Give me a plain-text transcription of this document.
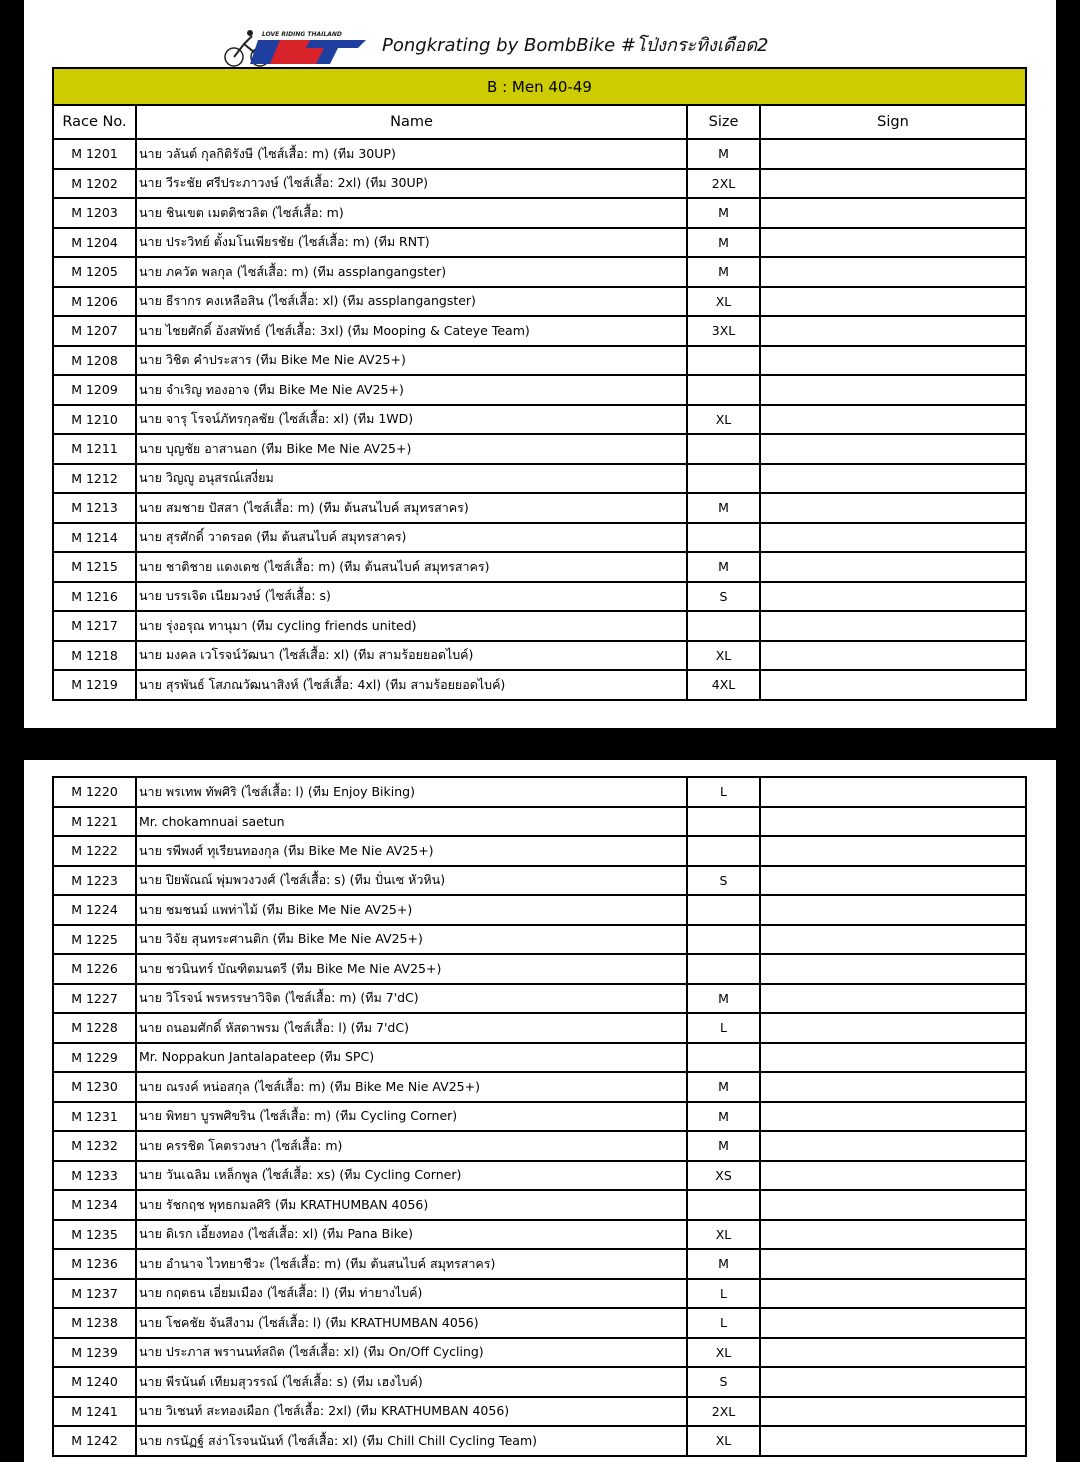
LOVE RIDING THAILAND
Pongkrating by BombBike #โป่งกระทิงเดือด2
B : Men 40-49			
Race No.	Name	Size	Sign
M 1201	นาย วลันต์ กุลกิติรังษี (ไซส์เสื้อ: m) (ทีม 30UP)	M	
M 1202	นาย วีระชัย ศรีประภาวงษ์ (ไซส์เสื้อ: 2xl) (ทีม 30UP)	2XL	
M 1203	นาย ชินเขต เมตติชวลิต (ไซส์เสื้อ: m)	M	
M 1204	นาย ประวิทย์ ตั้งมโนเพียรชัย (ไซส์เสื้อ: m) (ทีม RNT)	M	
M 1205	นาย ภควัต พลกุล (ไซส์เสื้อ: m) (ทีม assplangangster)	M	
M 1206	นาย ธีรากร คงเหลือสิน (ไซส์เสื้อ: xl) (ทีม assplangangster)	XL	
M 1207	นาย ไชยศักดิ์ อังสพัทธ์ (ไซส์เสื้อ: 3xl) (ทีม Mooping & Cateye Team)	3XL	
M 1208	นาย วิชิต คำประสาร (ทีม Bike Me Nie AV25+)		
M 1209	นาย จำเริญ ทองอาจ (ทีม Bike Me Nie AV25+)		
M 1210	นาย จารุ โรจน์ภัทรกุลชัย (ไซส์เสื้อ: xl) (ทีม 1WD)	XL	
M 1211	นาย บุญชัย อาสานอก (ทีม Bike Me Nie AV25+)		
M 1212	นาย วิญญู อนุสรณ์เสงี่ยม		
M 1213	นาย สมชาย ปัสสา (ไซส์เสื้อ: m) (ทีม ต้นสนไบค์ สมุทรสาคร)	M	
M 1214	นาย สุรศักดิ์ วาดรอด (ทีม ต้นสนไบค์ สมุทรสาคร)		
M 1215	นาย ชาติชาย แดงเดช (ไซส์เสื้อ: m) (ทีม ต้นสนไบค์ สมุทรสาคร)	M	
M 1216	นาย บรรเจิด เนียมวงษ์ (ไซส์เสื้อ: s)	S	
M 1217	นาย รุ่งอรุณ ทานุมา (ทีม cycling friends united)		
M 1218	นาย มงคล เวโรจน์วัฒนา (ไซส์เสื้อ: xl) (ทีม สามร้อยยอดไบค์)	XL	
M 1219	นาย สุรพันธ์ โสภณวัฒนาสิงห์ (ไซส์เสื้อ: 4xl) (ทีม สามร้อยยอดไบค์)	4XL	
M 1220	นาย พรเทพ ทัพศิริ (ไซส์เสื้อ: l) (ทีม Enjoy Biking)	L	
M 1221	Mr. chokamnuai saetun		
M 1222	นาย รพีพงศ์ ทุเรียนทองกุล (ทีม Bike Me Nie AV25+)		
M 1223	นาย ปิยพัณณ์ พุ่มพวงวงศ์ (ไซส์เสื้อ: s) (ทีม ปั่นเซ หัวหิน)	S	
M 1224	นาย ชมชนม์ แพท่าไม้ (ทีม Bike Me Nie AV25+)		
M 1225	นาย วิจัย สุนทระศานติก (ทีม Bike Me Nie AV25+)		
M 1226	นาย ชวนินทร์ บัณฑิตมนตรี (ทีม Bike Me Nie AV25+)		
M 1227	นาย วิโรจน์ พรหรรษาวิจิต (ไซส์เสื้อ: m) (ทีม 7'dC)	M	
M 1228	นาย ถนอมศักดิ์ หัสดาพรม (ไซส์เสื้อ: l) (ทีม 7'dC)	L	
M 1229	Mr. Noppakun Jantalapateep (ทีม SPC)		
M 1230	นาย ณรงค์ หน่อสกุล (ไซส์เสื้อ: m) (ทีม Bike Me Nie AV25+)	M	
M 1231	นาย พิทยา บูรพศิขริน (ไซส์เสื้อ: m) (ทีม Cycling Corner)	M	
M 1232	นาย ครรชิต โคตรวงษา (ไซส์เสื้อ: m)	M	
M 1233	นาย วันเฉลิม เหล็กพูล (ไซส์เสื้อ: xs) (ทีม Cycling Corner)	XS	
M 1234	นาย รัชกฤช พุทธกมลศิริ (ทีม KRATHUMBAN 4056)		
M 1235	นาย ดิเรก เอี้ยงทอง (ไซส์เสื้อ: xl) (ทีม Pana Bike)	XL	
M 1236	นาย อำนาจ ไวทยาชีวะ (ไซส์เสื้อ: m) (ทีม ต้นสนไบค์ สมุทรสาคร)	M	
M 1237	นาย กฤตธน เอี่ยมเมือง (ไซส์เสื้อ: l) (ทีม ท่ายางไบค์)	L	
M 1238	นาย โชคชัย จันสีงาม (ไซส์เสื้อ: l) (ทีม KRATHUMBAN 4056)	L	
M 1239	นาย ประภาส พรานนท์สถิต (ไซส์เสื้อ: xl) (ทีม On/Off Cycling)	XL	
M 1240	นาย พีรนันต์ เทียมสุวรรณ์ (ไซส์เสื้อ: s) (ทีม เฮงไบค์)	S	
M 1241	นาย วิเชนท์ สะทองเผือก (ไซส์เสื้อ: 2xl) (ทีม KRATHUMBAN 4056)	2XL	
M 1242	นาย กรนัฏฐ์ สง่าโรจนนันท์ (ไซส์เสื้อ: xl) (ทีม Chill Chill Cycling Team)	XL	
